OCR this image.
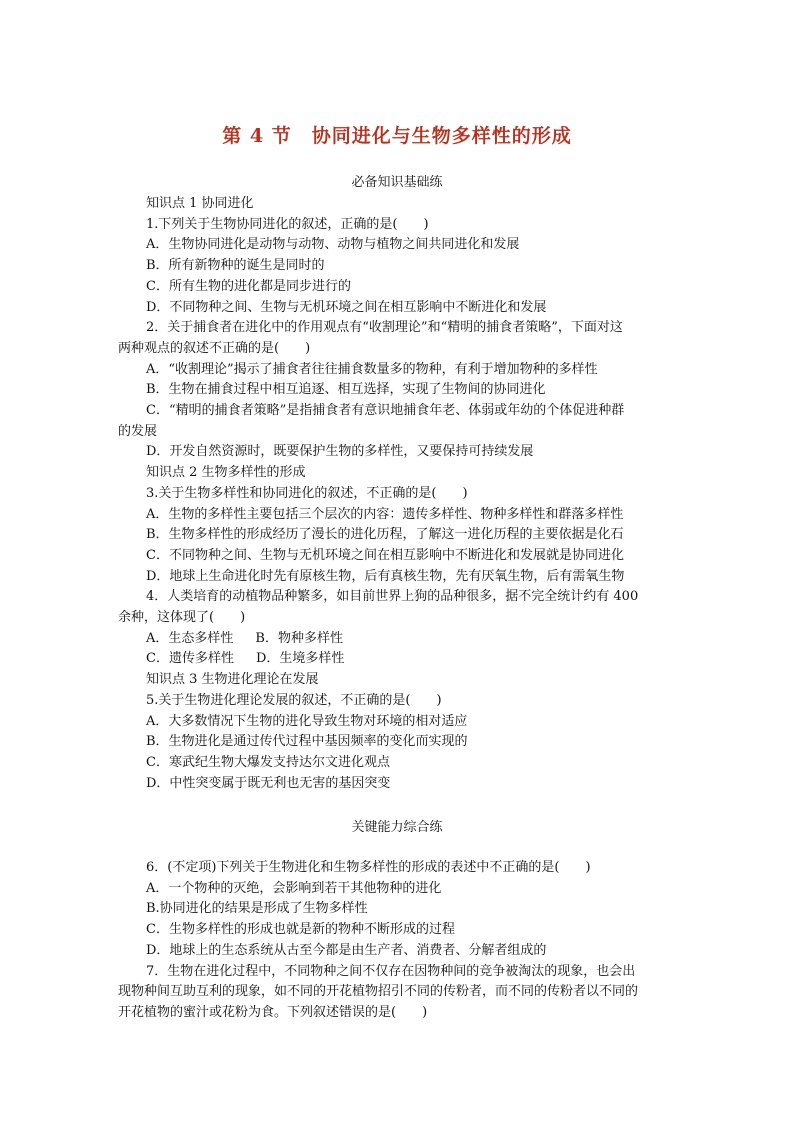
第 4 节　协同进化与生物多样性的形成
必备知识基础练
知识点 1 协同进化
1.下列关于生物协同进化的叙述，正确的是(　　)
A．生物协同进化是动物与动物、动物与植物之间共同进化和发展
B．所有新物种的诞生是同时的
C．所有生物的进化都是同步进行的
D．不同物种之间、生物与无机环境之间在相互影响中不断进化和发展
2．关于捕食者在进化中的作用观点有“收割理论”和“精明的捕食者策略”，下面对这
两种观点的叙述不正确的是(　　)
A．“收割理论”揭示了捕食者往往捕食数量多的物种，有利于增加物种的多样性
B．生物在捕食过程中相互追逐、相互选择，实现了生物间的协同进化
C．“精明的捕食者策略”是指捕食者有意识地捕食年老、体弱或年幼的个体促进种群
的发展
D．开发自然资源时，既要保护生物的多样性，又要保持可持续发展
知识点 2 生物多样性的形成
3.关于生物多样性和协同进化的叙述，不正确的是(　　)
A．生物的多样性主要包括三个层次的内容：遗传多样性、物种多样性和群落多样性
B．生物多样性的形成经历了漫长的进化历程，了解这一进化历程的主要依据是化石
C．不同物种之间、生物与无机环境之间在相互影响中不断进化和发展就是协同进化
D．地球上生命进化时先有原核生物，后有真核生物，先有厌氧生物，后有需氧生物
4．人类培育的动植物品种繁多，如目前世界上狗的品种很多，据不完全统计约有 400
余种，这体现了(　　)
A．生态多样性 B．物种多样性
C．遗传多样性 D．生境多样性
知识点 3 生物进化理论在发展
5.关于生物进化理论发展的叙述，不正确的是(　　)
A．大多数情况下生物的进化导致生物对环境的相对适应
B．生物进化是通过传代过程中基因频率的变化而实现的
C．寒武纪生物大爆发支持达尔文进化观点
D．中性突变属于既无利也无害的基因突变
关键能力综合练
6．(不定项)下列关于生物进化和生物多样性的形成的表述中不正确的是(　　)
A．一个物种的灭绝，会影响到若干其他物种的进化
B.协同进化的结果是形成了生物多样性
C．生物多样性的形成也就是新的物种不断形成的过程
D．地球上的生态系统从古至今都是由生产者、消费者、分解者组成的
7．生物在进化过程中，不同物种之间不仅存在因物种间的竞争被淘汰的现象，也会出
现物种间互助互利的现象，如不同的开花植物招引不同的传粉者，而不同的传粉者以不同的
开花植物的蜜汁或花粉为食。下列叙述错误的是(　　)
